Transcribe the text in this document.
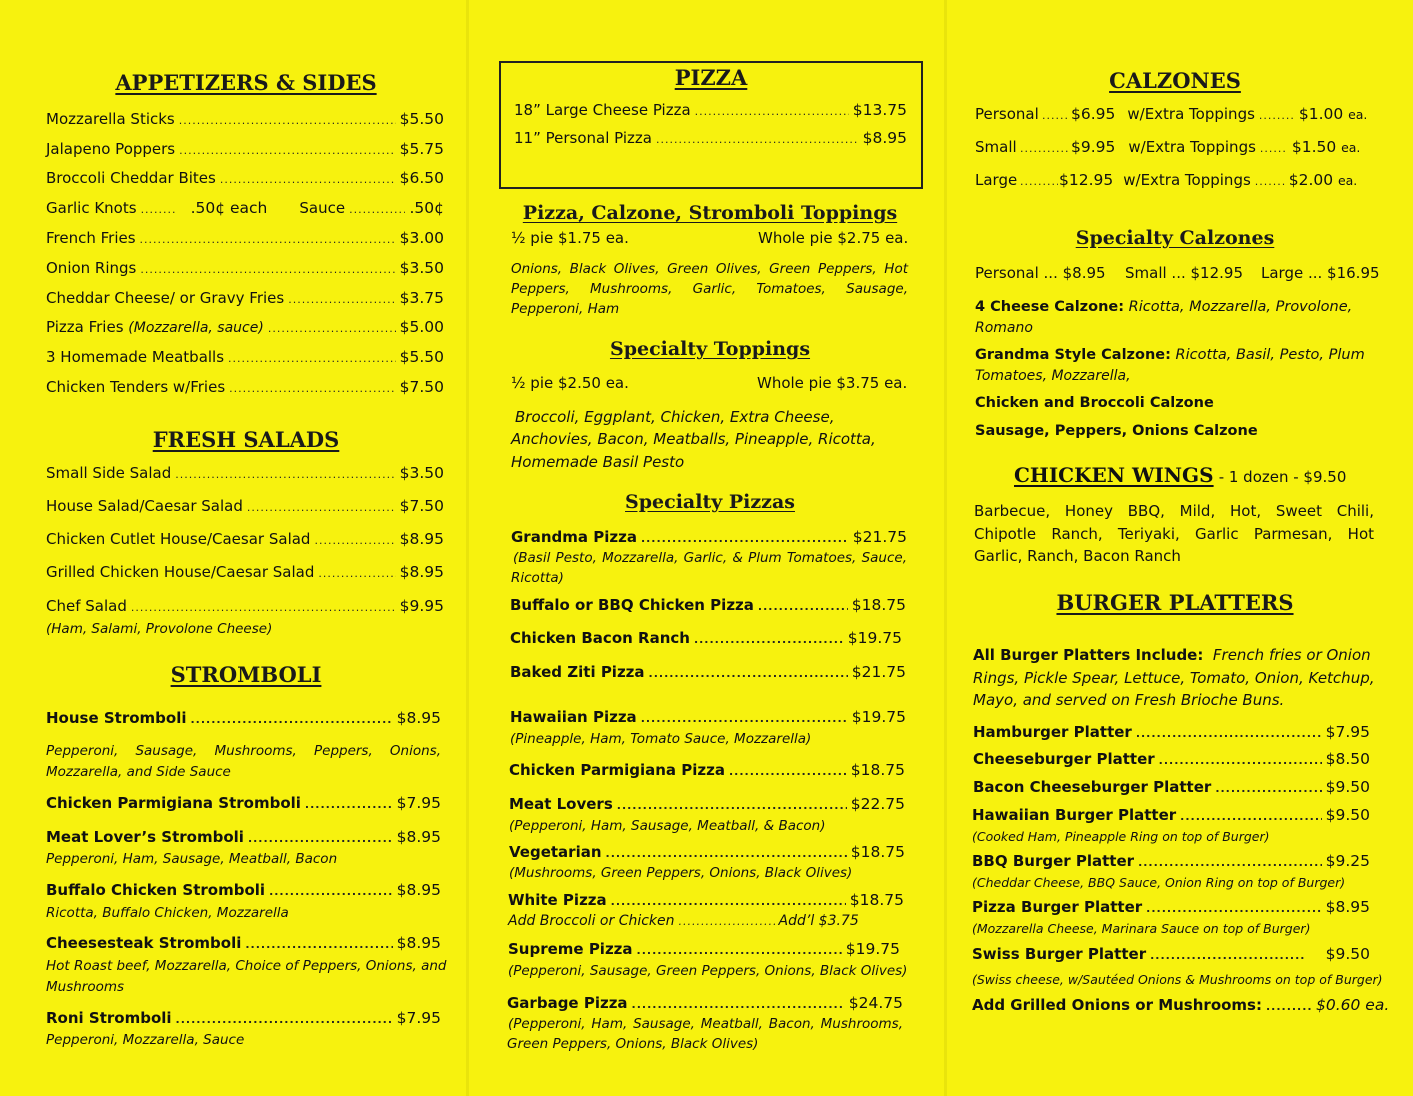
APPETIZERS & SIDES
Mozzarella Sticks .....	$5.50
Jalapeno Poppers .....	$5.75
Broccoli Cheddar Bites .....	$6.50
Garlic Knots .....	.50¢ each Sauce .....	.50¢
French Fries .....	$3.00
Onion Rings .....	$3.50
Cheddar Cheese/ or Gravy Fries .....	$3.75
Pizza Fries
(Mozzarella, sauce) .....	$5.00
3 Homemade Meatballs .....	$5.50
Chicken Tenders w/Fries .....	$7.50
FRESH SALADS
Small Side Salad .....	$3.50
House Salad/Caesar Salad .....	$7.50
Chicken Cutlet House/Caesar Salad .....	$8.95
Grilled Chicken House/Caesar Salad .....	$8.95
Chef Salad .....	$9.95
(Ham, Salami, Provolone Cheese)
STROMBOLI
House Stromboli .....	$8.95
Pepperoni, Sausage, Mushrooms, Peppers, Onions,
Mozzarella, and Side Sauce
Chicken Parmigiana Stromboli .....	$7.95
Meat Lover’s Stromboli .....	$8.95
Pepperoni, Ham, Sausage, Meatball, Bacon
Buffalo Chicken Stromboli .....	$8.95
Ricotta, Buffalo Chicken, Mozzarella
Cheesesteak Stromboli .....	$8.95
Hot Roast beef, Mozzarella, Choice of Peppers, Onions, and
Mushrooms
Roni Stromboli .....	$7.95
Pepperoni, Mozzarella, Sauce
PIZZA
18” Large Cheese Pizza .....	$13.75
11” Personal Pizza .....	$8.95
Pizza, Calzone, Stromboli Toppings
½ pie $1.75 ea.	Whole pie $2.75 ea.
Onions, Black Olives, Green Olives, Green Peppers, Hot
Peppers, Mushrooms, Garlic, Tomatoes, Sausage,
Pepperoni, Ham
Specialty Toppings
½ pie $2.50 ea.	Whole pie $3.75 ea.
Broccoli, Eggplant, Chicken, Extra Cheese,
Anchovies, Bacon, Meatballs, Pineapple, Ricotta,
Homemade Basil Pesto
Specialty Pizzas
Grandma Pizza .....	$21.75
(Basil Pesto, Mozzarella, Garlic, & Plum Tomatoes, Sauce,
Ricotta)
Buffalo or BBQ Chicken Pizza .....	$18.75
Chicken Bacon Ranch .....	$19.75
Baked Ziti Pizza .....	$21.75
Hawaiian Pizza .....	$19.75
(Pineapple, Ham, Tomato Sauce, Mozzarella)
Chicken Parmigiana Pizza .....	$18.75
Meat Lovers .....	$22.75
(Pepperoni, Ham, Sausage, Meatball, & Bacon)
Vegetarian .....	$18.75
(Mushrooms, Green Peppers, Onions, Black Olives)
White Pizza .....	$18.75
Add Broccoli or Chicken .....	Add’l $3.75
Supreme Pizza .....	$19.75
(Pepperoni, Sausage, Green Peppers, Onions, Black Olives)
Garbage Pizza .....	$24.75
(Pepperoni, Ham, Sausage, Meatball, Bacon, Mushrooms,
Green Peppers, Onions, Black Olives)
CALZONES
Personal ..... $6.95 w/Extra Toppings .....	$1.00
ea.
Small .....	$9.95 w/Extra Toppings ..... $1.50
ea.
Large .....	$12.95 w/Extra Toppings ..... $2.00
ea.
Specialty Calzones
Personal ... $8.95 Small ... $12.95 Large ... $16.95
4 Cheese Calzone: Ricotta, Mozzarella, Provolone,
Romano
Grandma Style Calzone: Ricotta, Basil, Pesto, Plum
Tomatoes, Mozzarella,
Chicken and Broccoli Calzone
Sausage, Peppers, Onions Calzone
CHICKEN WINGS - 1 dozen - $9.50
Barbecue, Honey BBQ, Mild, Hot, Sweet Chili,
Chipotle Ranch, Teriyaki, Garlic Parmesan, Hot
Garlic, Ranch, Bacon Ranch
BURGER PLATTERS
All Burger Platters Include: French fries or Onion
Rings, Pickle Spear, Lettuce, Tomato, Onion, Ketchup,
Mayo, and served on Fresh Brioche Buns.
Hamburger Platter .....	$7.95
Cheeseburger Platter .....	$8.50
Bacon Cheeseburger Platter .....	$9.50
Hawaiian Burger Platter .....	$9.50
(Cooked Ham, Pineapple Ring on top of Burger)
BBQ Burger Platter .....	$9.25
(Cheddar Cheese, BBQ Sauce, Onion Ring on top of Burger)
Pizza Burger Platter .....	$8.95
(Mozzarella Cheese, Marinara Sauce on top of Burger)
Swiss Burger Platter .....	$9.50
(Swiss cheese, w/Sautéed Onions & Mushrooms on top of Burger)
Add Grilled Onions or Mushrooms: .....	$0.60 ea.
